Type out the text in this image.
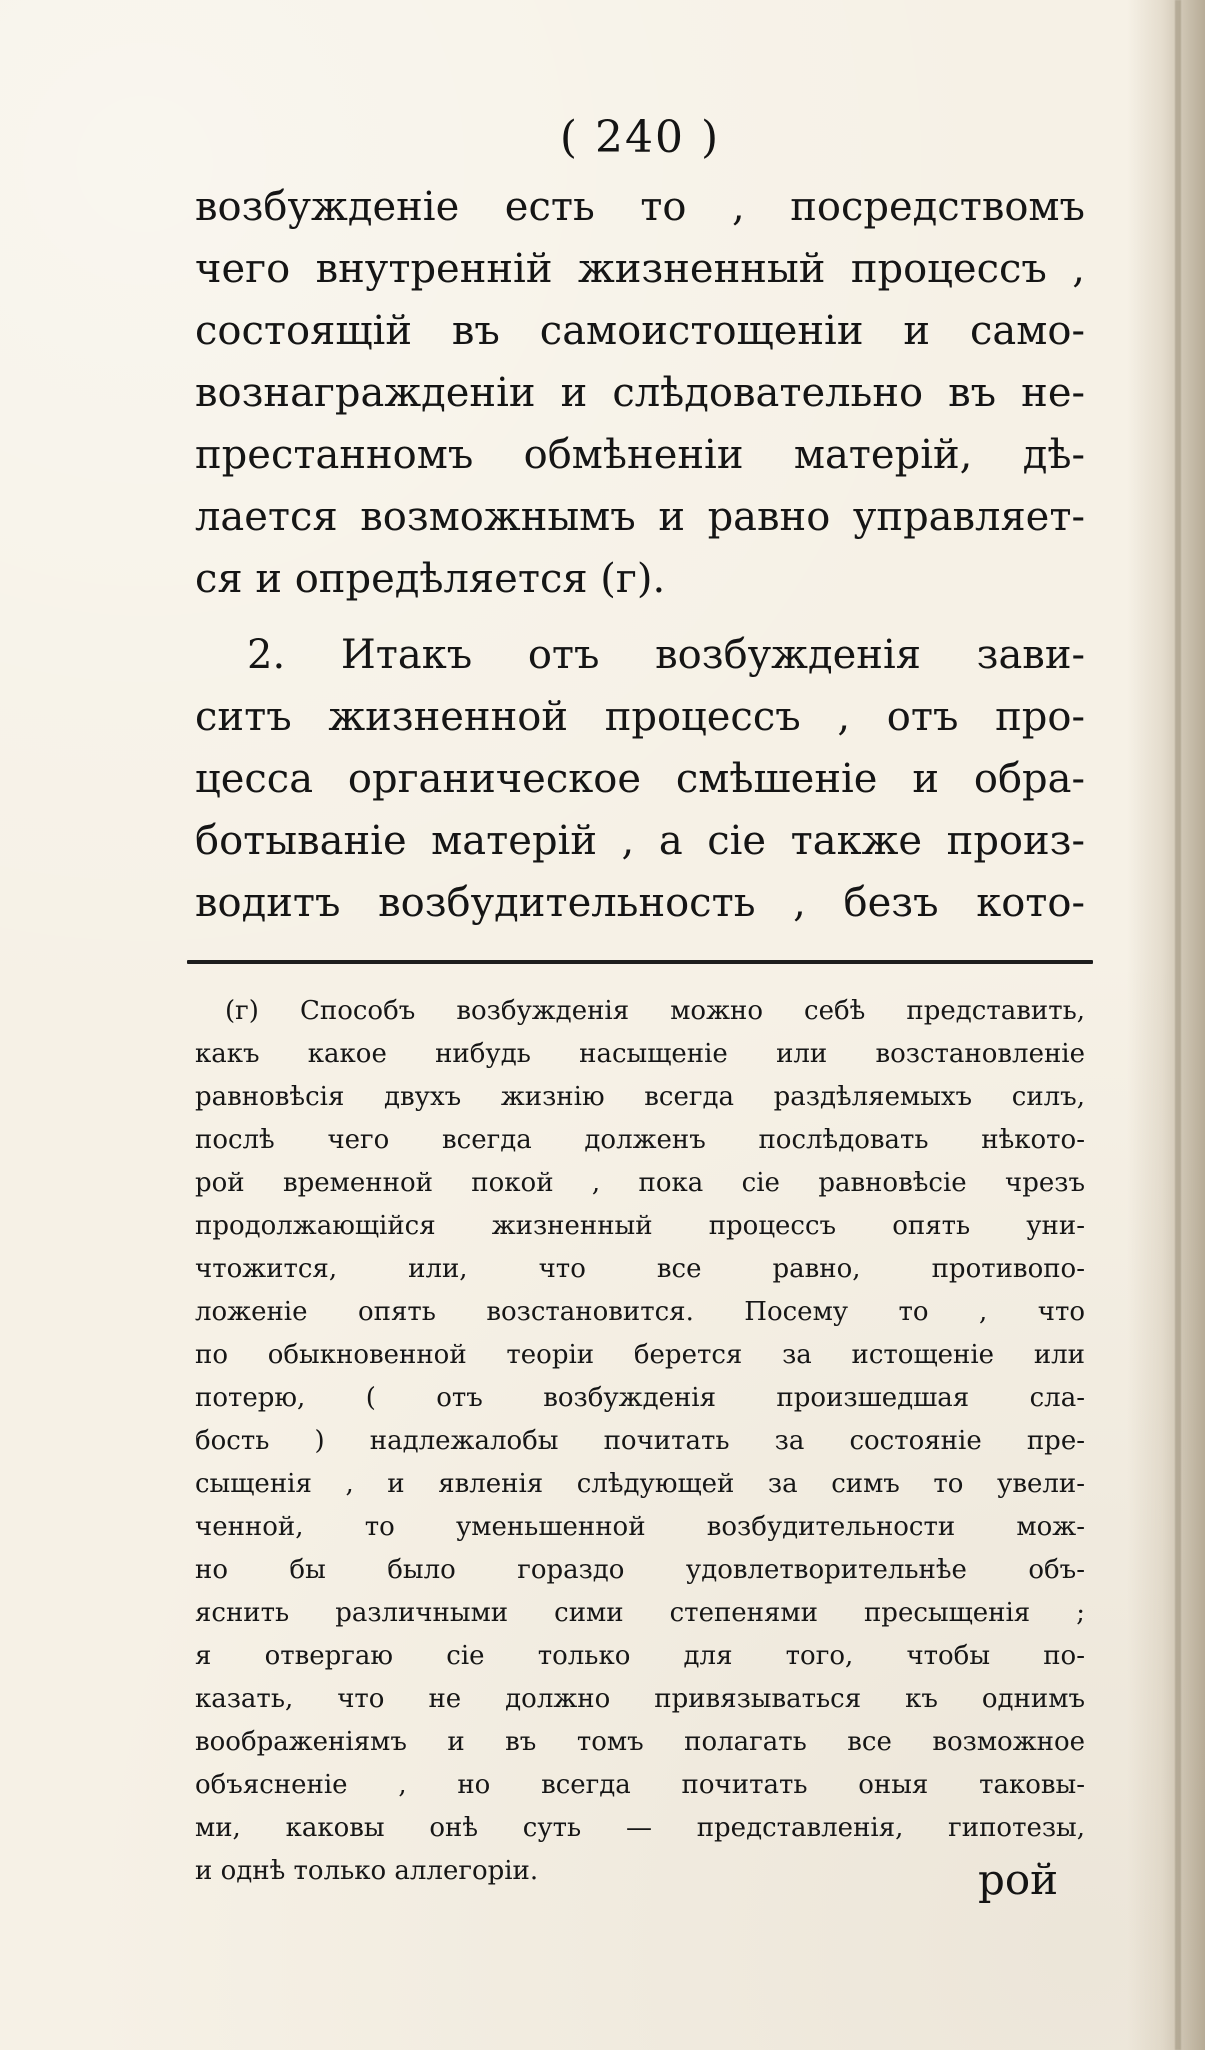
( 240 )
возбужденіе есть то , посредствомъ
чего внутренній жизненный процессъ ,
состоящій въ самоистощеніи и само-
вознагражденіи и слѣдовательно въ не-
престанномъ обмѣненіи матерій, дѣ-
лается возможнымъ и равно управляет-
ся и опредѣляется (г).
2. Итакъ отъ возбужденія зави-
ситъ жизненной процессъ , отъ про-
цесса органическое смѣшеніе и обра-
ботываніе матерій , а сіе также произ-
водитъ возбудительность , безъ кото-
(г) Способъ возбужденія можно себѣ представить,
какъ какое нибудь насыщеніе или возстановленіе
равновѣсія двухъ жизнію всегда раздѣляемыхъ силъ,
послѣ чего всегда долженъ послѣдовать нѣкото-
рой временной покой , пока сіе равновѣсіе чрезъ
продолжающійся жизненный процессъ опять уни-
чтожится, или, что все равно, противопо-
ложеніе опять возстановится. Посему то , что
по обыкновенной теоріи берется за истощеніе или
потерю, ( отъ возбужденія произшедшая сла-
бость ) надлежалобы почитать за состояніе пре-
сыщенія , и явленія слѣдующей за симъ то увели-
ченной, то уменьшенной возбудительности мож-
но бы было гораздо удовлетворительнѣе объ-
яснить различными сими степенями пресыщенія ;
я отвергаю сіе только для того, чтобы по-
казать, что не должно привязываться къ однимъ
воображеніямъ и въ томъ полагать все возможное
объясненіе , но всегда почитать оныя таковы-
ми, каковы онѣ суть — представленія, гипотезы,
и однѣ только аллегоріи.	рой
